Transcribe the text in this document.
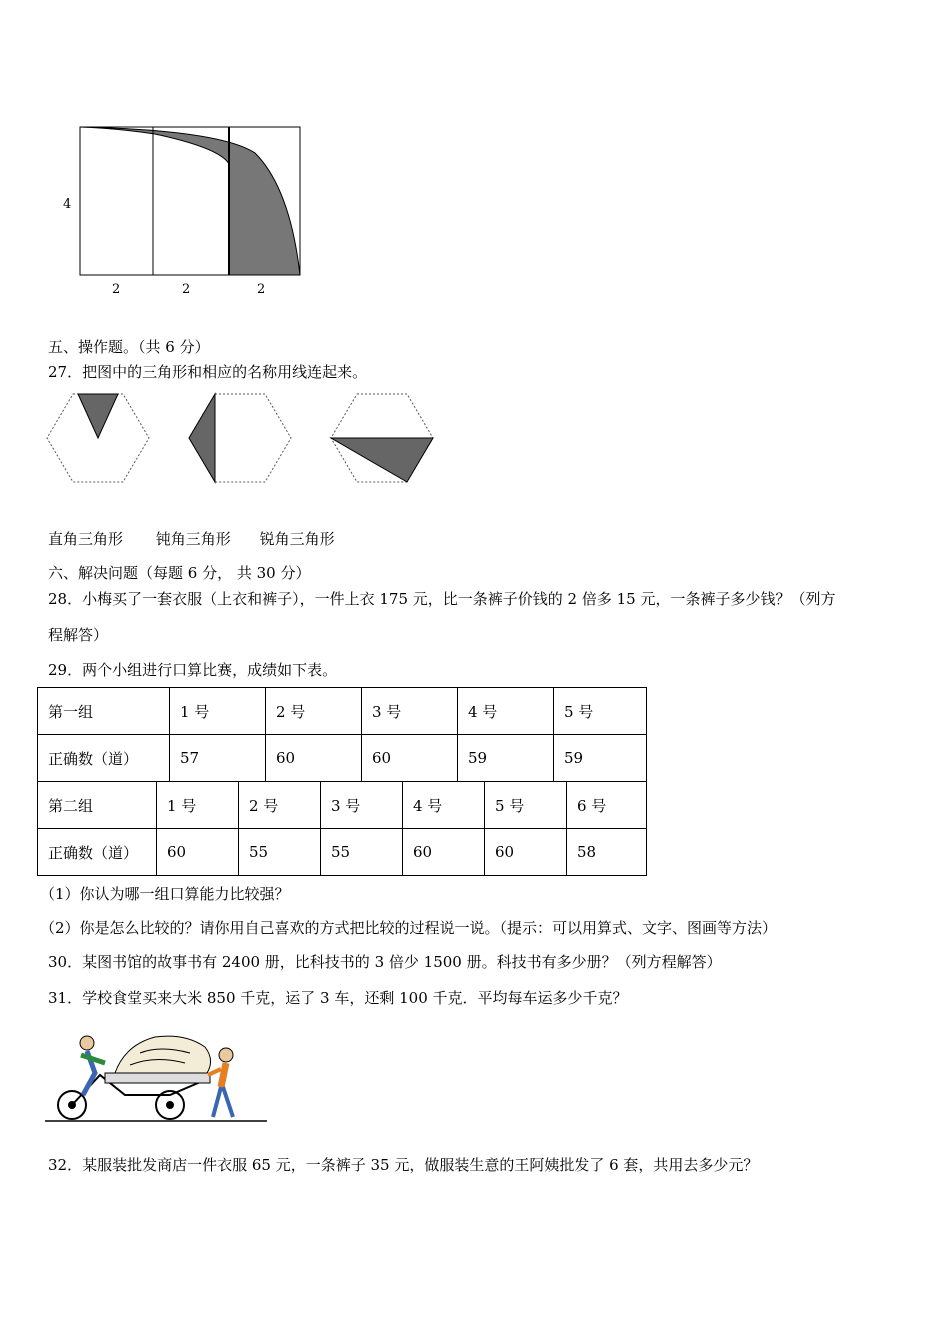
4
2	2	2
五、操作题。（共 6 分）
27．把图中的三角形和相应的名称用线连起来。
直角三角形 钝角三角形 锐角三角形
六、解决问题（每题 6 分， 共 30 分）
28．小梅买了一套衣服（上衣和裤子），一件上衣 175 元，比一条裤子价钱的 2 倍多 15 元，一条裤子多少钱？（列方
程解答）
29．两个小组进行口算比赛，成绩如下表。
第一组	1 号	2 号	3 号	4 号	5 号
正确数（道）	57	60	60	59	59
第二组	1 号	2 号	3 号	4 号	5 号	6 号
正确数（道）	60	55	55	60	60	58
（1）你认为哪一组口算能力比较强？
（2）你是怎么比较的？请你用自己喜欢的方式把比较的过程说一说。（提示：可以用算式、文字、图画等方法）
30．某图书馆的故事书有 2400 册，比科技书的 3 倍少 1500 册。科技书有多少册？（列方程解答）
31．学校食堂买来大米 850 千克，运了 3 车，还剩 100 千克．平均每车运多少千克？
32．某服装批发商店一件衣服 65 元，一条裤子 35 元，做服装生意的王阿姨批发了 6 套，共用去多少元？
